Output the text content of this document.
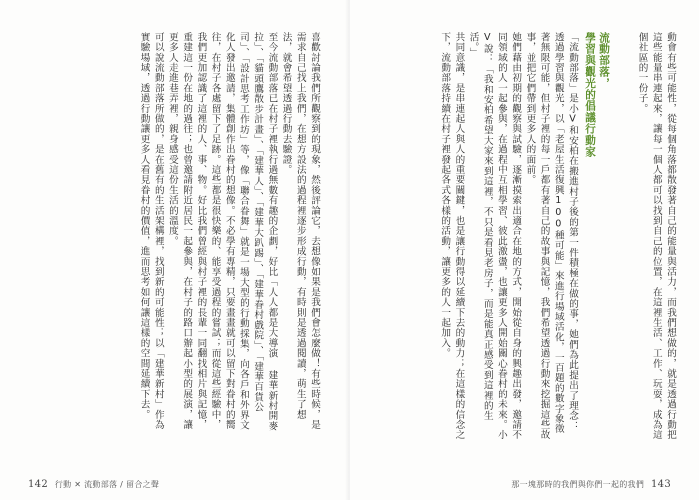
喜歡討論我們所觀察到的現象，然後評論它，去想像如果是我們會怎麼做！有些時候，是需求自己找上我們，在想方設法的過程裡逐步形成行動，有時則是透過閱讀，萌生了想法，就會希望透過行動去驗證。
至今流動部落已在村子裡執行過無數有趣的企劃，好比「人人都是大導演 建華新村開麥拉」、「貓頭鷹散步計畫」、「建華人」、「建華大趴踢」、「建華眷村戲院」、「建華百貨公司」、「設計思考工作坊」等，像「聯合眷舞」就是一場大型的行動採集，向各戶和外界文化人發出邀請，集體創作出眷村的想像。不必學有專精，只要畫畫就可以留下對眷村的嚮往，在村子各處留下了足跡。這些都是很快樂的、能享受過程的嘗試；而從這些經驗中，我們更加認識了這裡的人、事、物。好比我們曾經與村子裡的長輩一同翻找相片與記憶，重建這一份在地的過往；也曾邀請附近居民一起參與，在村子的路口辦起小型的展演，讓更多人走進巷弄裡，親身感受這份生活的溫度。
可以說流動部落所做的，是在舊有的生活架構裡，找到新的可能性；以「建華新村」作為實驗場域，透過行動讓更多人看見眷村的價值，進而思考如何讓這樣的空間延續下去。
142 行動 ✕ 流動部落 / 留合之聲
動會有些可能性，從每個角落都散發著自己的能量與活力，而我們想做的，就是透過行動把這些能量串連起來，讓每一個人都可以找到自己的位置，在這裡生活、工作、玩耍，成為這個社區的一份子。
流動部落，
學習與觀光的倡議行動家
「流動部落」是小V和安柏在搬進村子後的第一件積極在做的事，她們為此提出了理念：透過學習與觀光，以「老屋生活復興100種可能」來進行場域活化，一百題的數字象徵著無限可能，但村子裡的每一戶都有著自己的故事與記憶，我們希望透過行動來挖掘這些故事，並把它們帶到更多人的面前。
她們藉由初期的觀察與試驗，逐漸摸索出適合在地的方式，開始從自身的興趣出發，邀請不同領域的人一起參與，在過程中互相學習、彼此激盪，也讓更多人開始關心眷村的未來。小V說：「我和安柏希望大家來到這裡，不只是看見老房子，而是能真正感受到這裡的生活。」
共同意識，是串連起人與人的重要關鍵，也是讓行動得以延續下去的動力；在這樣的信念之下，流動部落持續在村子裡發起各式各樣的活動，讓更多的人一起加入。
那一塊那時的我們與你們一起的我們 143
